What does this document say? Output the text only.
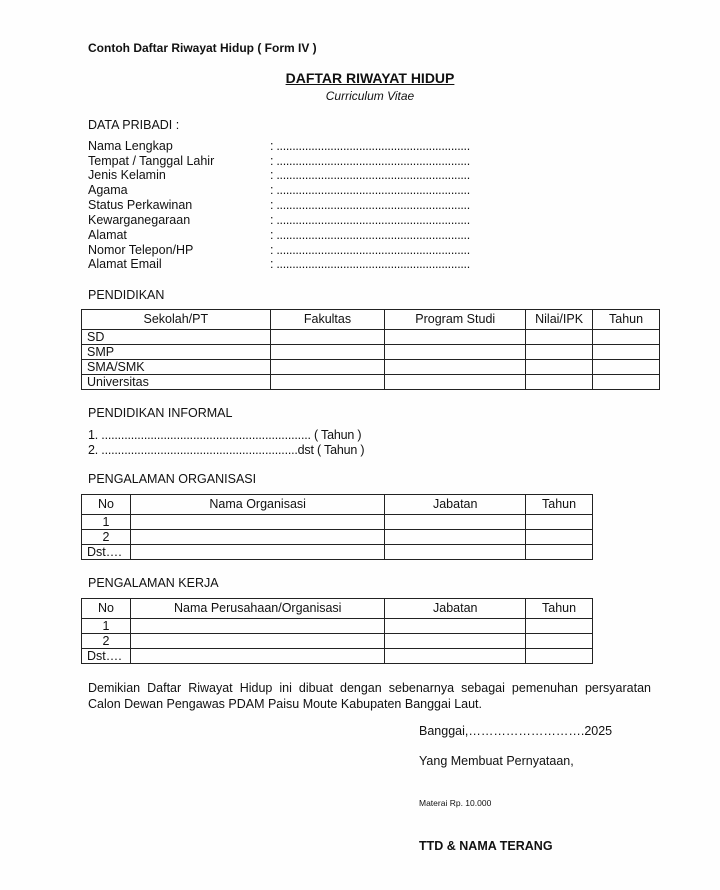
Contoh Daftar Riwayat Hidup ( Form IV )
DAFTAR RIWAYAT HIDUP
Curriculum Vitae
DATA PRIBADI :
Nama Lengkap	: .............................................................
Tempat / Tanggal Lahir	: .............................................................
Jenis Kelamin	: .............................................................
Agama	: .............................................................
Status Perkawinan	: .............................................................
Kewarganegaraan	: .............................................................
Alamat	: .............................................................
Nomor Telepon/HP	: .............................................................
Alamat Email	: .............................................................
PENDIDIKAN
Sekolah/PT	Fakultas	Program Studi	Nilai/IPK	Tahun
SD				
SMP				
SMA/SMK				
Universitas				
PENDIDIKAN INFORMAL
1. ................................................................ ( Tahun )
2. ............................................................dst ( Tahun )
PENGALAMAN ORGANISASI
No	Nama Organisasi	Jabatan	Tahun
1			
2			
Dst….			
PENGALAMAN KERJA
No	Nama Perusahaan/Organisasi	Jabatan	Tahun
1			
2			
Dst….			
Demikian Daftar Riwayat Hidup ini dibuat dengan sebenarnya sebagai pemenuhan persyaratan Calon Dewan Pengawas PDAM Paisu Moute Kabupaten Banggai Laut.
Banggai,……………………….2025
Yang Membuat Pernyataan,
Materai Rp. 10.000
TTD & NAMA TERANG
